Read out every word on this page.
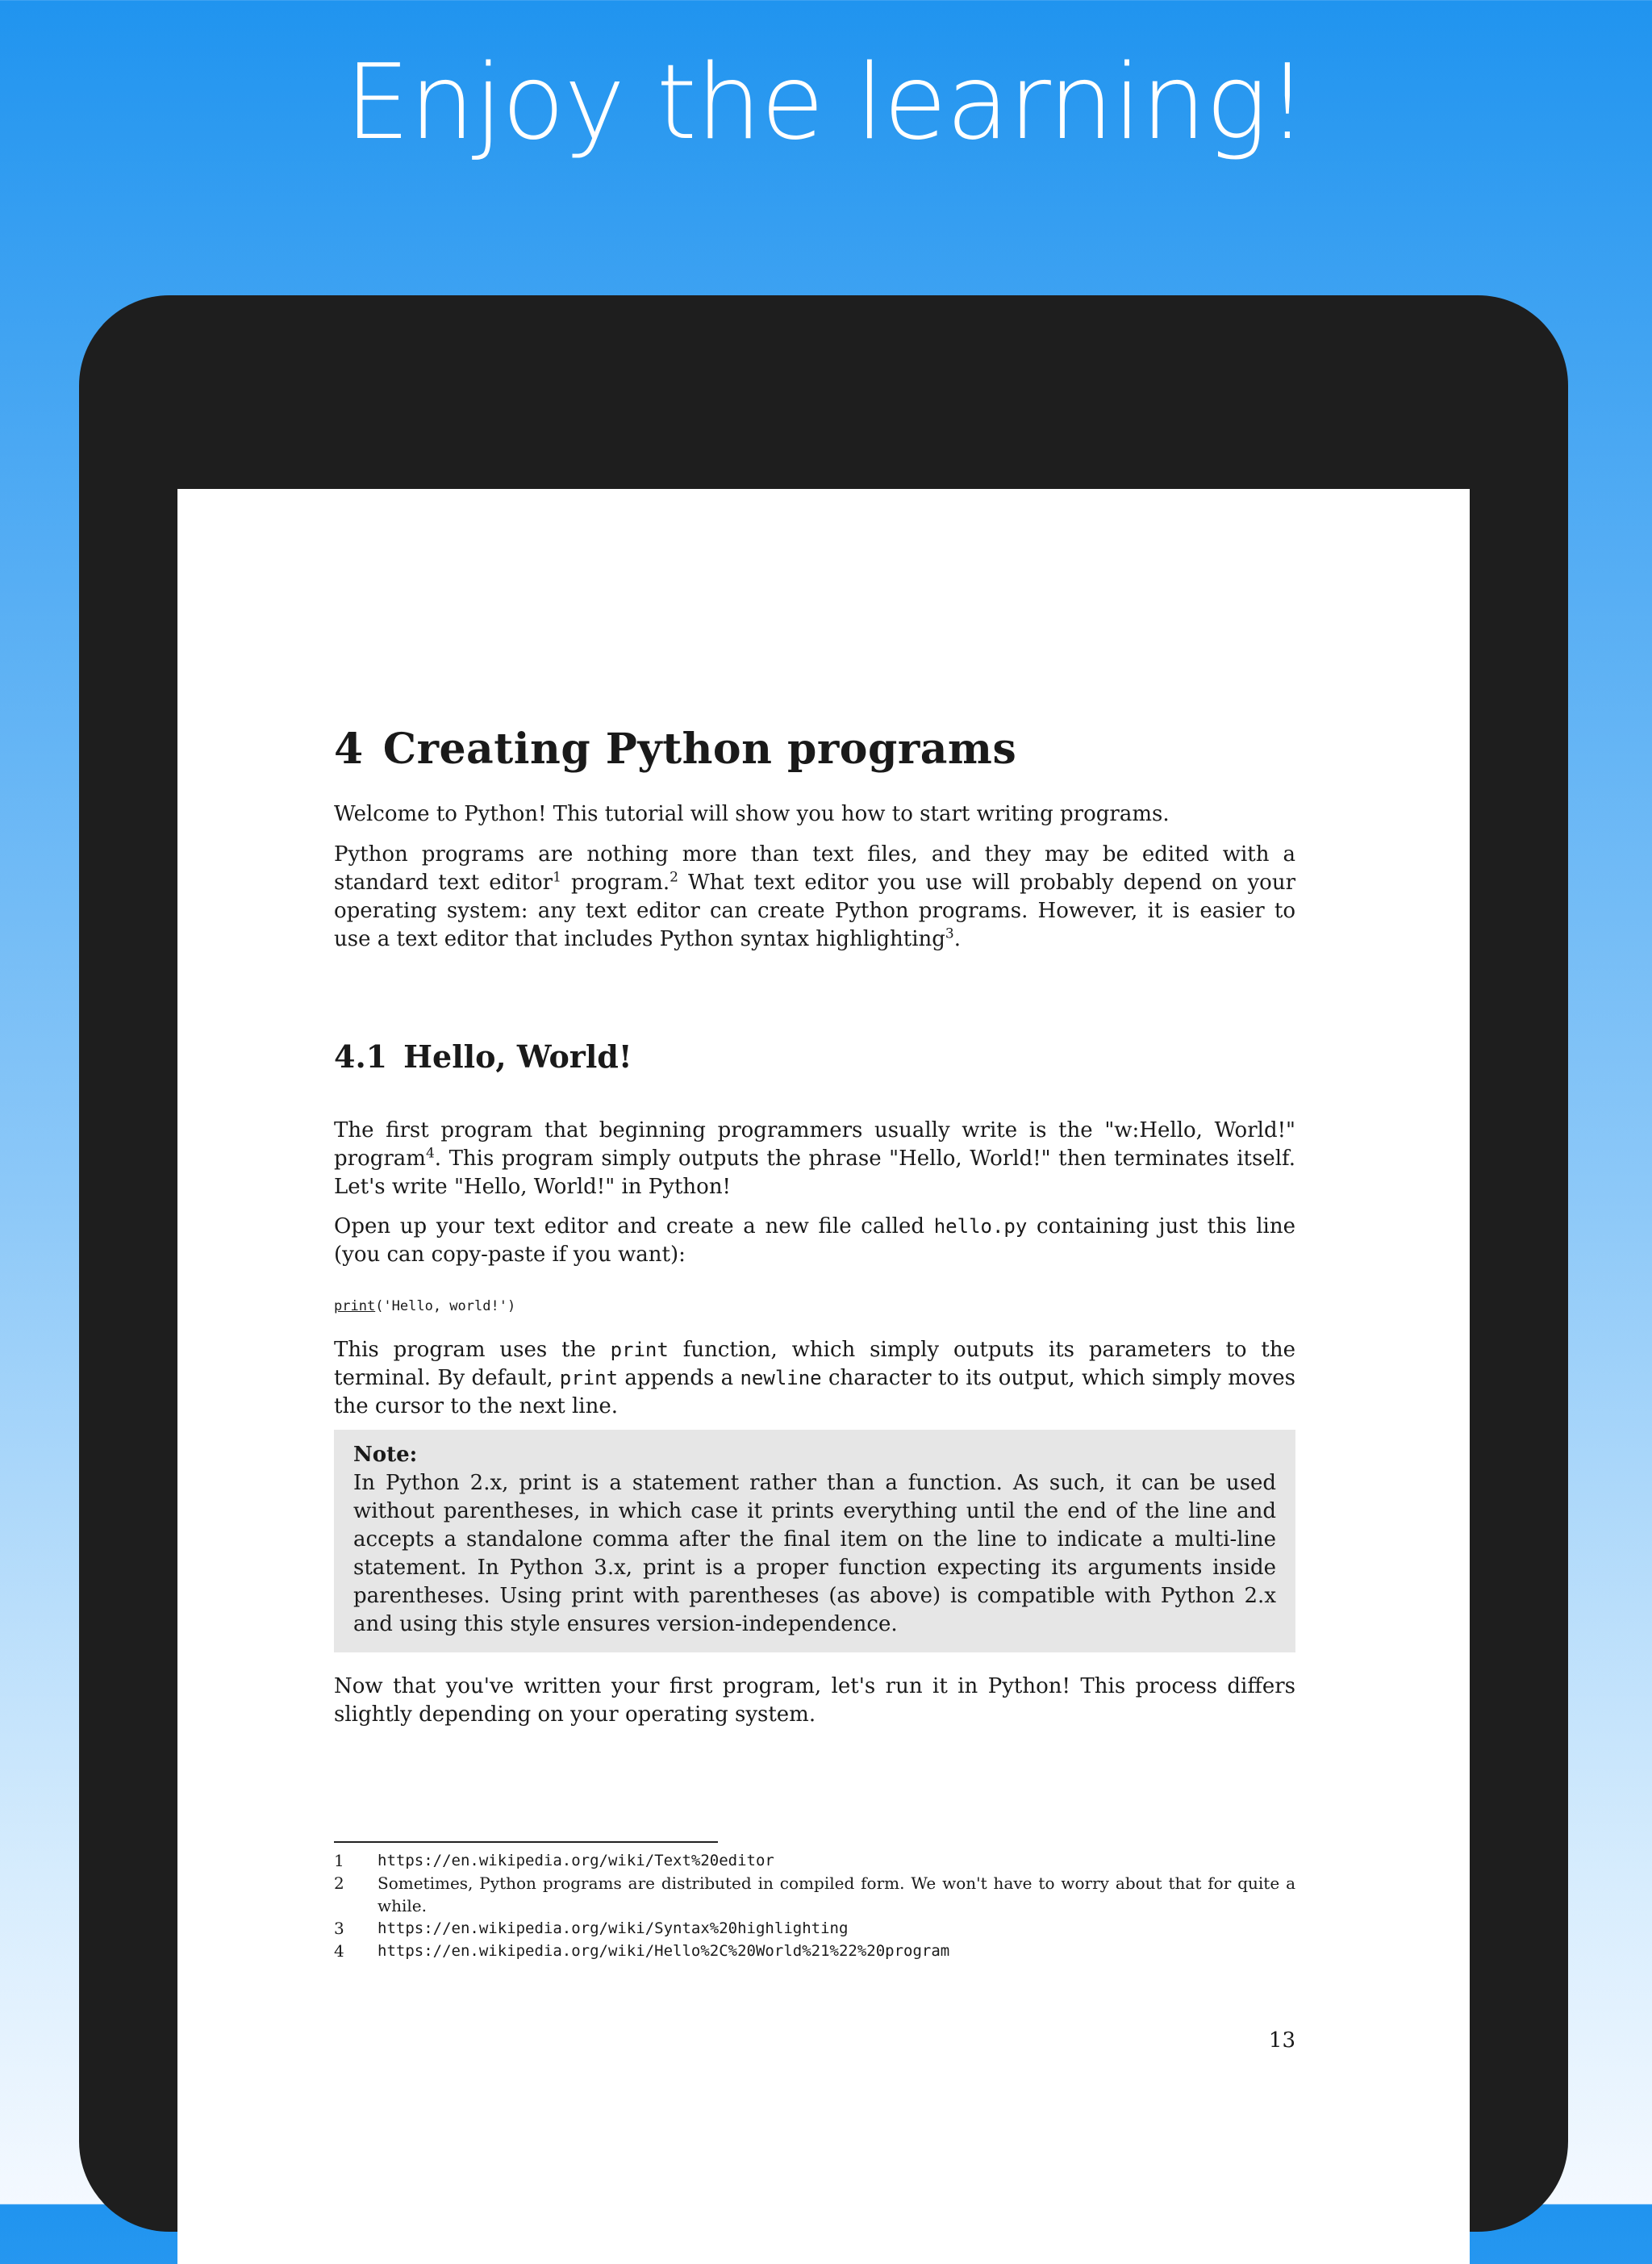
Enjoy the learning!
4 Creating Python programs

Welcome to Python! This tutorial will show you how to start writing programs.

Python programs are nothing more than text files, and they may be edited with a standard text editor$^1$ program.$^2$ What text editor you use will probably depend on your operating system: any text editor can create Python programs. However, it is easier to use a text editor that includes Python syntax highlighting$^3$.

4.1 Hello, World!

The first program that beginning programmers usually write is the "w:Hello, World!" program$^4$. This program simply outputs the phrase "Hello, World!" then terminates itself. Let's write "Hello, World!" in Python!

Open up your text editor and create a new file called hello.py containing just this line (you can copy-paste if you want):

print('Hello, world!')

This program uses the print function, which simply outputs its parameters to the terminal. By default, print appends a newline character to its output, which simply moves the cursor to the next line.

Note:

In Python 2.x, print is a statement rather than a function. As such, it can be used without parentheses, in which case it prints everything until the end of the line and accepts a standalone comma after the final item on the line to indicate a multi-line statement. In Python 3.x, print is a proper function expecting its arguments inside parentheses. Using print with parentheses (as above) is compatible with Python 2.x and using this style ensures version-independence.

Now that you've written your first program, let's run it in Python! This process differs slightly depending on your operating system.

1 https://en.wikipedia.org/wiki/Text%20editor
2 Sometimes, Python programs are distributed in compiled form. We won't have to worry about that for quite a while.
3 https://en.wikipedia.org/wiki/Syntax%20highlighting
4 https://en.wikipedia.org/wiki/Hello%2C%20World%21%22%20program
13
